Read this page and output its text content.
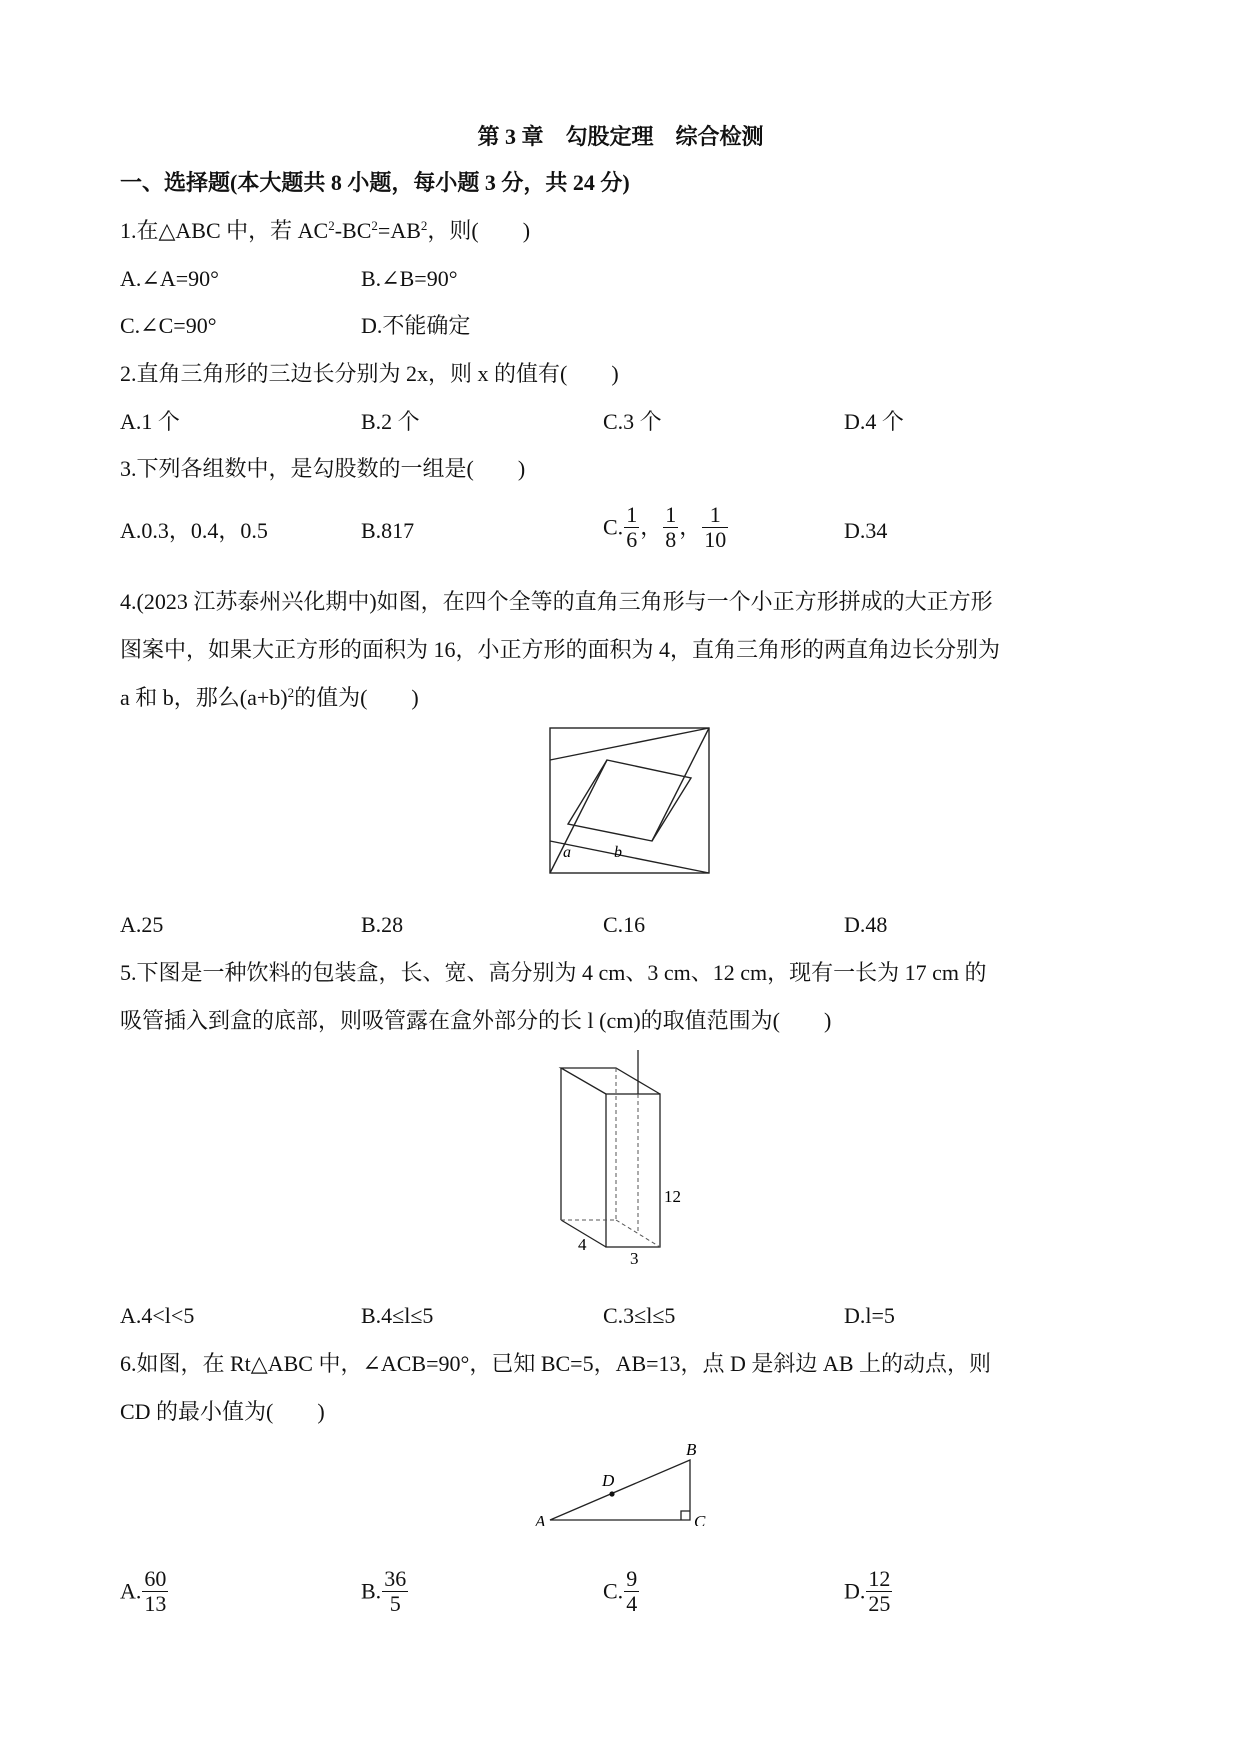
第 3 章　勾股定理　综合检测
一、选择题(本大题共 8 小题，每小题 3 分，共 24 分)
1.在△ABC 中，若 $AC^2-BC^2=AB^2$，则(　　)
A.∠A=90°	B.∠B=90°
C.∠C=90°	D.不能确定
2.直角三角形的三边长分别为 2x，则 x 的值有(　　)
A.1 个	B.2 个	C.3 个	D.4 个
3.下列各组数中，是勾股数的一组是(　　)
A.0.3，0.4，0.5	B.817	C. $\frac{1}{6}$ ， $\frac{1}{8}$ ， $\frac{1}{10}$	D.34
4.(2023 江苏泰州兴化期中)如图，在四个全等的直角三角形与一个小正方形拼成的大正方形
图案中，如果大正方形的面积为 16，小正方形的面积为 4，直角三角形的两直角边长分别为
a 和 b，那么$(a+b)^2$的值为(　　)
a	b
A.25	B.28	C.16	D.48
5.下图是一种饮料的包装盒，长、宽、高分别为 4 cm、3 cm、12 cm，现有一长为 17 cm 的
吸管插入到盒的底部，则吸管露在盒外部分的长 l (cm)的取值范围为(　　)
12
4
3
A.4<l<5	B.4≤l≤5	C.3≤l≤5	D.l=5
6.如图，在 Rt△ABC 中，∠ACB=90°，已知 BC=5，AB=13，点 D 是斜边 AB 上的动点，则
CD 的最小值为(　　)
A
B
C
D
A. $\frac{60}{13}$	B. $\frac{36}{5}$	C. $\frac{9}{4}$	D. $\frac{12}{25}$
